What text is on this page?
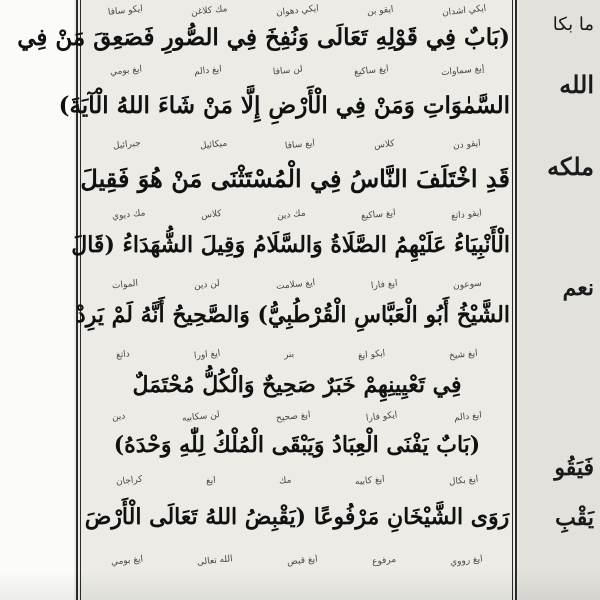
ما بكا
الله
ملكه
نعم
فَيَقُو
يَقْبِ
ايكي اشدان
ايقو بن
ايكي دهوان
مك كلاغن
ايكو سافا
(بَابٌ فِي قَوْلِهِ تَعَالَى وَنُفِخَ فِي الصُّورِ فَصَعِقَ مَنْ فِي
إيغ سماوات
ايغ ساكيغ
لن سافا
ايغ دالم
ايغ بومي
السَّمٰوَاتِ وَمَنْ فِي الْأَرْضِ إِلَّا مَنْ شَاءَ اللهُ الْآيَةَ)
ايقو دن
كلاس
ايغ سافا
ميكائيل
جبرائيل
قَدِ اخْتَلَفَ النَّاسُ فِي الْمُسْتَثْنَى مَنْ هُوَ فَقِيلَ
ايقو داتغ
ايغ ساكيغ
مك دين
كلاس
مك ديوي
الْأَنْبِيَاءُ عَلَيْهِمُ الصَّلَاةُ وَالسَّلَامُ وَقِيلَ الشُّهَدَاءُ (قَالَ
سوعون
ايغ فارا
ايغ سلامت
لن دين
الموات
الشَّيْخُ أَبُو الْعَبَّاسِ الْقُرْطُبِيُّ) وَالصَّحِيحُ أَنَّهُ لَمْ يَرِدْ
ايغ شيخ
ايكو ايغ
بنر
ايغ اورا
داتغ
فِي تَعْيِينِهِمْ خَبَرٌ صَحِيحٌ وَالْكُلُّ مُحْتَمَلٌ
ايغ دالم
ايكو فارا
ايغ صحيح
لن سكابيه
دين
(بَابٌ يَفْنَى الْعِبَادُ وَيَبْقَى الْمُلْكُ لِلّٰهِ وَحْدَهُ)
ايغ بكال
ايغ كابيه
مك
ايغ
كراجان
رَوَى الشَّيْخَانِ مَرْفُوعًا (يَقْبِضُ اللهُ تَعَالَى الْأَرْضَ
ايغ رووي
مرفوع
ايغ قبض
الله تعالى
ايغ بومي
